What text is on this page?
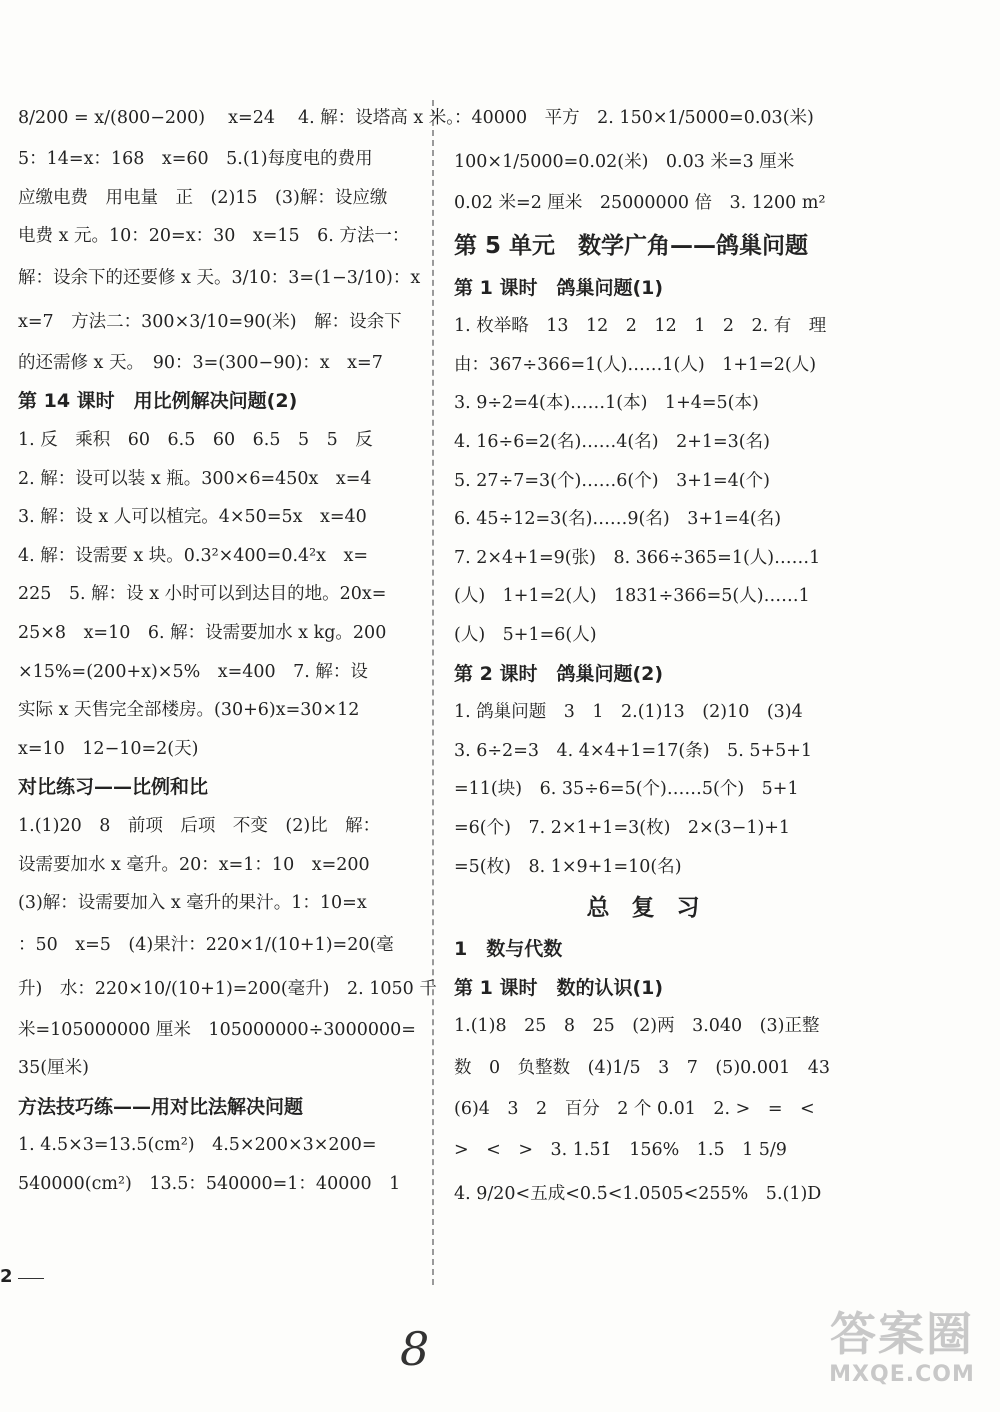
8/200 = x/(800−200)　 x=24　 4. 解：设塔高 x 米。
5：14=x：168　x=60　5.(1)每度电的费用
应缴电费　用电量　正　(2)15　(3)解：设应缴
电费 x 元。10：20=x：30　x=15　6. 方法一：
解：设余下的还要修 x 天。3/10：3=(1−3/10)：x
x=7　方法二：300×3/10=90(米)　解：设余下
的还需修 x 天。　90：3=(300−90)：x　x=7
第 14 课时　用比例解决问题(2)
1. 反　乘积　60　6.5　60　6.5　5　5　反
2. 解：设可以装 x 瓶。300×6=450x　x=4
3. 解：设 x 人可以植完。4×50=5x　x=40
4. 解：设需要 x 块。0.3²×400=0.4²x　x=
225　5. 解：设 x 小时可以到达目的地。20x=
25×8　x=10　6. 解：设需要加水 x kg。200
×15%=(200+x)×5%　x=400　7. 解：设
实际 x 天售完全部楼房。(30+6)x=30×12
x=10　12−10=2(天)
对比练习——比例和比
1.(1)20　8　前项　后项　不变　(2)比　解：
设需要加水 x 毫升。20：x=1：10　x=200
(3)解：设需要加入 x 毫升的果汁。1：10=x
：50　x=5　(4)果汁：220×1/(10+1)=20(毫
升)　水：220×10/(10+1)=200(毫升)　2. 1050 千
米=105000000 厘米　105000000÷3000000=
35(厘米)
方法技巧练——用对比法解决问题
1. 4.5×3=13.5(cm²)　4.5×200×3×200=
540000(cm²)　13.5：540000=1：40000　1
：40000　平方　2. 150×1/5000=0.03(米)
100×1/5000=0.02(米)　0.03 米=3 厘米
0.02 米=2 厘米　25000000 倍　3. 1200 m²
第 5 单元　数学广角——鸽巢问题
第 1 课时　鸽巢问题(1)
1. 枚举略　13　12　2　12　1　2　2. 有　理
由：367÷366=1(人)……1(人)　1+1=2(人)
3. 9÷2=4(本)……1(本)　1+4=5(本)
4. 16÷6=2(名)……4(名)　2+1=3(名)
5. 27÷7=3(个)……6(个)　3+1=4(个)
6. 45÷12=3(名)……9(名)　3+1=4(名)
7. 2×4+1=9(张)　8. 366÷365=1(人)……1
(人)　1+1=2(人)　1831÷366=5(人)……1
(人)　5+1=6(人)
第 2 课时　鸽巢问题(2)
1. 鸽巢问题　3　1　2.(1)13　(2)10　(3)4
3. 6÷2=3　4. 4×4+1=17(条)　5. 5+5+1
=11(块)　6. 35÷6=5(个)……5(个)　5+1
=6(个)　7. 2×1+1=3(枚)　2×(3−1)+1
=5(枚)　8. 1×9+1=10(名)
总复习
1　数与代数
第 1 课时　数的认识(1)
1.(1)8　25　8　25　(2)两　3.040　(3)正整
数　0　负整数　(4)1/5　3　7　(5)0.001　43
(6)4　3　2　百分　2 个 0.01　2. >　=　<
>　<　>　3. 1.5̇1̇　156%　1.5̇　1 5/9
4. 9/20<五成<0.5̇<1.0505<255%　5.(1)D
2
8	答案圈
MXQE.COM
